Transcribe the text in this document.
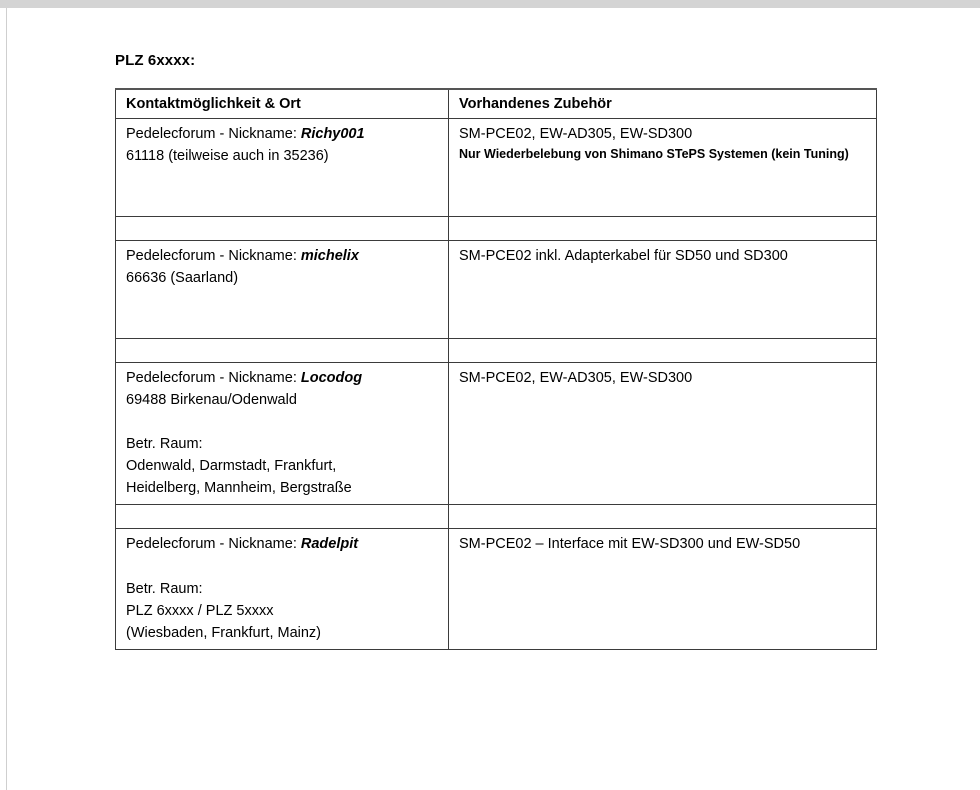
PLZ 6xxxx:
Kontaktmöglichkeit & Ort	Vorhandenes Zubehör

Pedelecforum - Nickname: Richy001
61118 (teilweise auch in 35236)	SM-PCE02, EW-AD305, EW-SD300
Nur Wiederbelebung von Shimano STePS Systemen (kein Tuning)

Pedelecforum - Nickname: michelix
66636 (Saarland)	SM-PCE02 inkl. Adapterkabel für SD50 und SD300

Pedelecforum - Nickname: Locodog
69488 Birkenau/Odenwald
Betr. Raum:
Odenwald, Darmstadt, Frankfurt,
Heidelberg, Mannheim, Bergstraße	SM-PCE02, EW-AD305, EW-SD300

Pedelecforum - Nickname: Radelpit
Betr. Raum:
PLZ 6xxxx / PLZ 5xxxx
(Wiesbaden, Frankfurt, Mainz)	SM-PCE02 – Interface mit EW-SD300 und EW-SD50
